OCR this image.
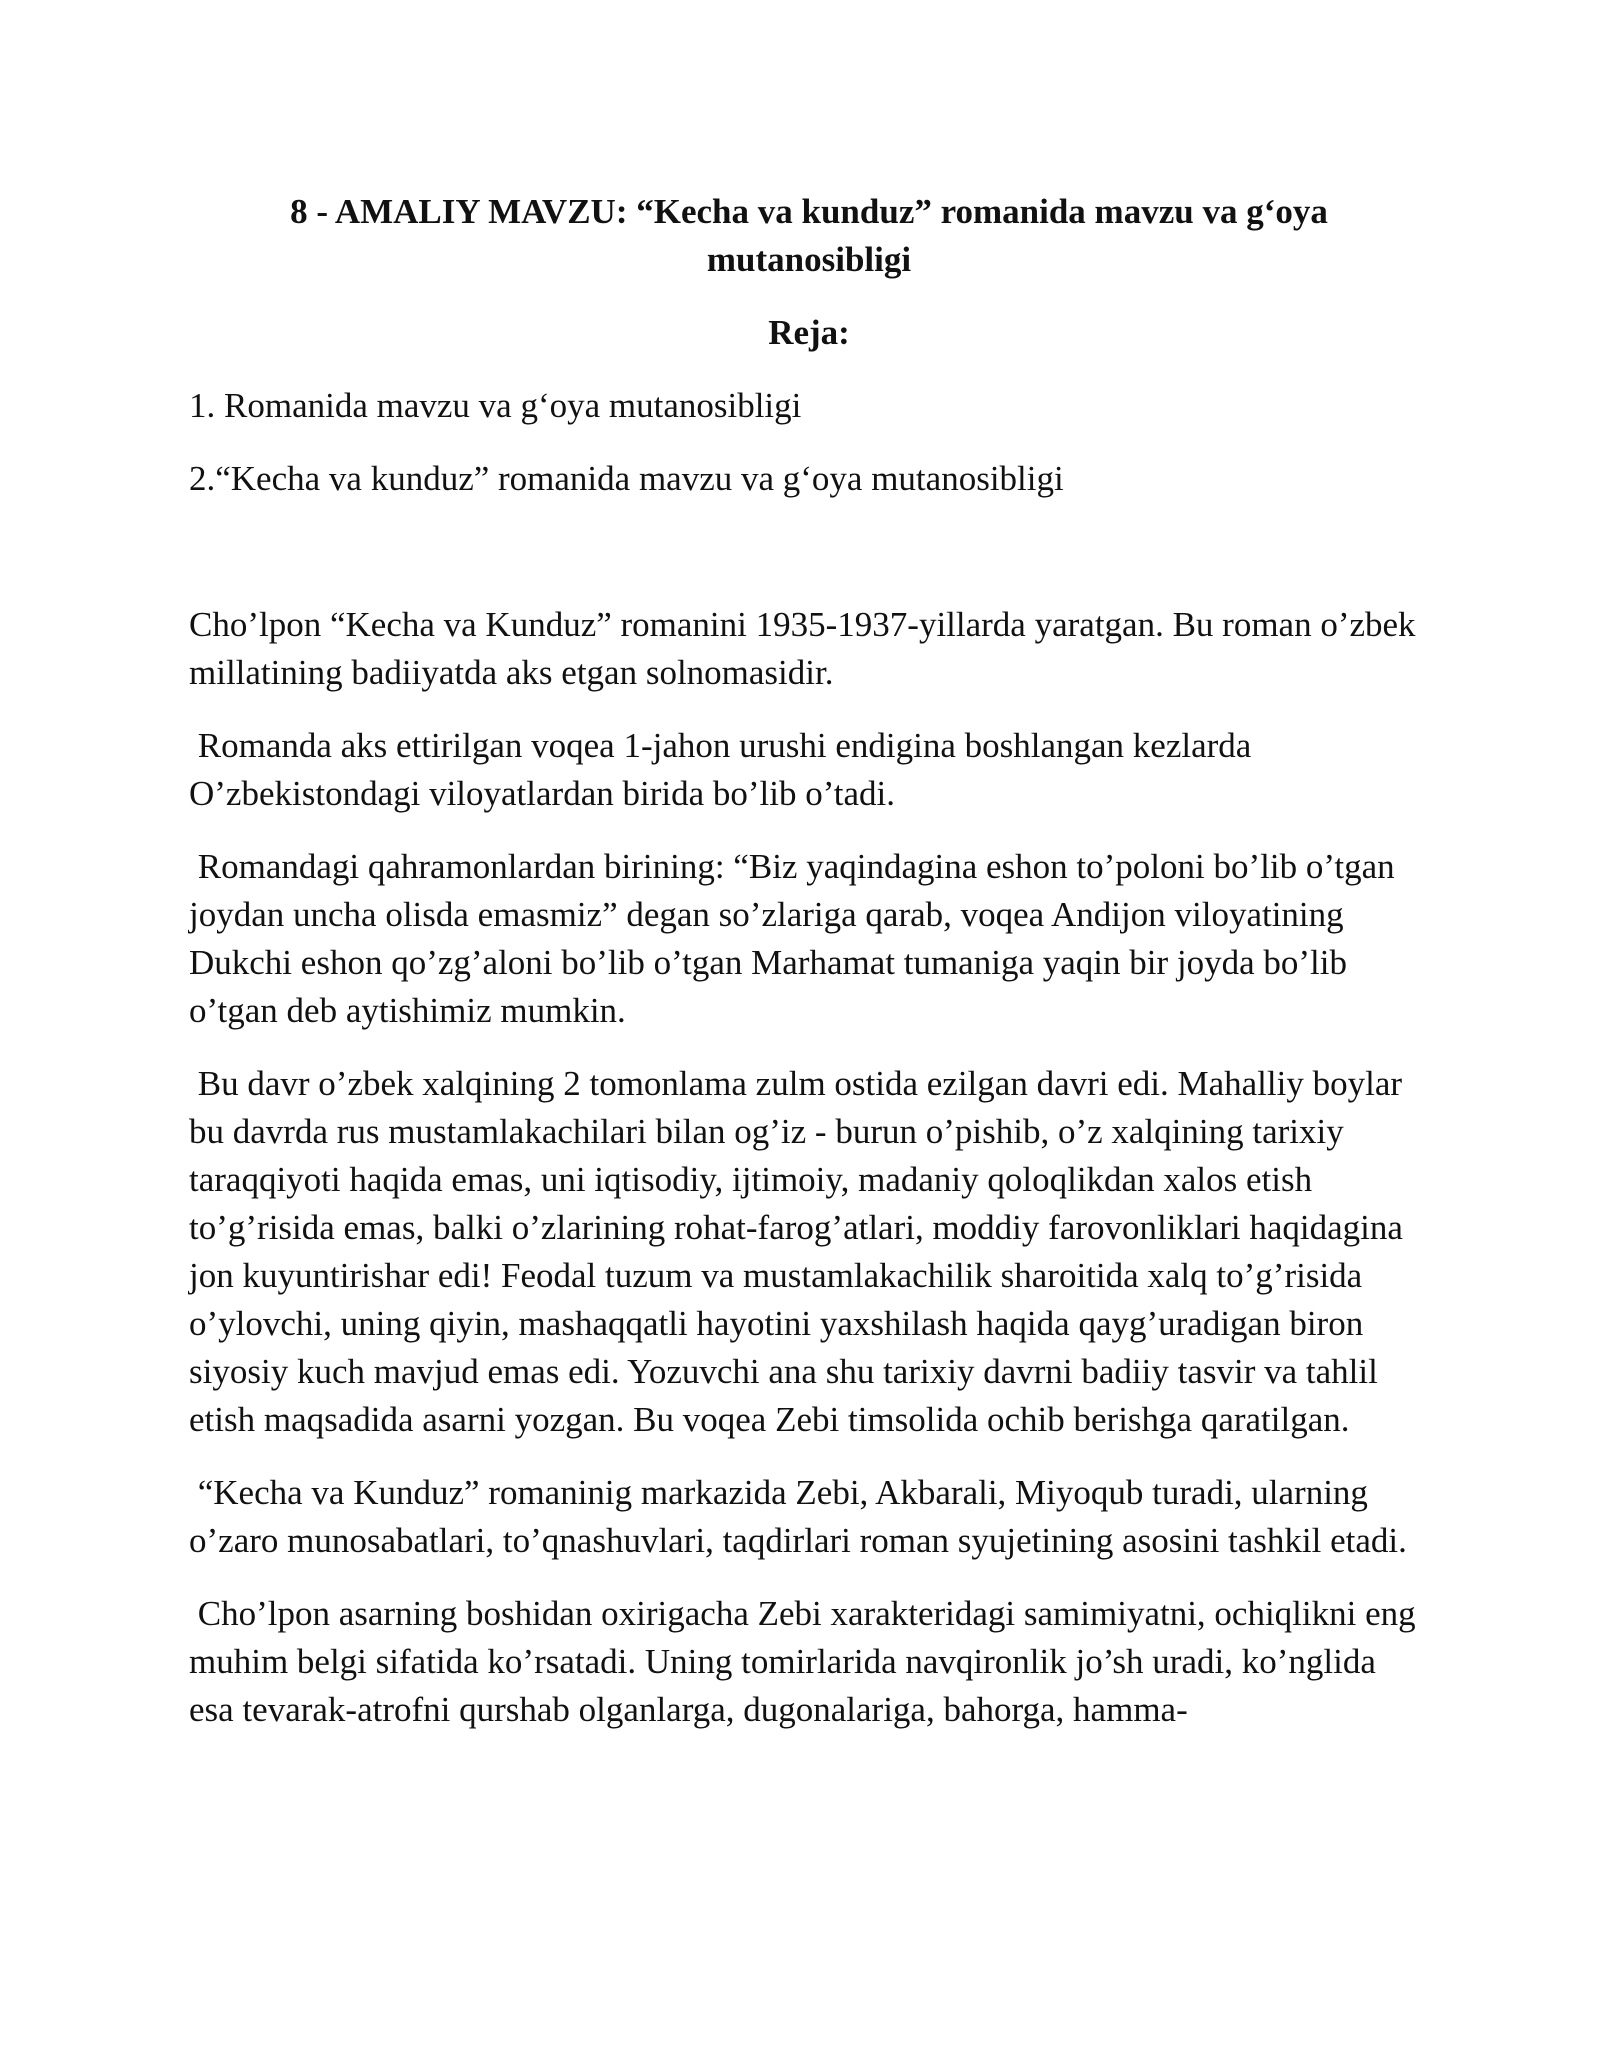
8 - AMALIY MAVZU: “Kecha va kunduz” romanida mavzu va g‘oya mutanosibligi
Reja:
1. Romanida mavzu va g‘oya mutanosibligi
2.“Kecha va kunduz” romanida mavzu va g‘oya mutanosibligi

Cho’lpon “Kecha va Kunduz” romanini 1935-1937-yillarda yaratgan. Bu roman o’zbek millatining badiiyatda aks etgan solnomasidir.

Romanda aks ettirilgan voqea 1-jahon urushi endigina boshlangan kezlarda O’zbekistondagi viloyatlardan birida bo’lib o’tadi.

Romandagi qahramonlardan birining: “Biz yaqindagina eshon to’poloni bo’lib o’tgan joydan uncha olisda emasmiz” degan so’zlariga qarab, voqea Andijon viloyatining Dukchi eshon qo’zg’aloni bo’lib o’tgan Marhamat tumaniga yaqin bir joyda bo’lib o’tgan deb aytishimiz mumkin.

Bu davr o’zbek xalqining 2 tomonlama zulm ostida ezilgan davri edi. Mahalliy boylar bu davrda rus mustamlakachilari bilan og’iz - burun o’pishib, o’z xalqining tarixiy taraqqiyoti haqida emas, uni iqtisodiy, ijtimoiy, madaniy qoloqlikdan xalos etish to’g’risida emas, balki o’zlarining rohat-farog’atlari, moddiy farovonliklari haqidagina jon kuyuntirishar edi! Feodal tuzum va mustamlakachilik sharoitida xalq to’g’risida o’ylovchi, uning qiyin, mashaqqatli hayotini yaxshilash haqida qayg’uradigan biron siyosiy kuch mavjud emas edi. Yozuvchi ana shu tarixiy davrni badiiy tasvir va tahlil etish maqsadida asarni yozgan. Bu voqea Zebi timsolida ochib berishga qaratilgan.

“Kecha va Kunduz” romaninig markazida Zebi, Akbarali, Miyoqub turadi, ularning o’zaro munosabatlari, to’qnashuvlari, taqdirlari roman syujetining asosini tashkil etadi.

Cho’lpon asarning boshidan oxirigacha Zebi xarakteridagi samimiyatni, ochiqlikni eng muhim belgi sifatida ko’rsatadi. Uning tomirlarida navqironlik jo’sh uradi, ko’nglida esa tevarak-atrofni qurshab olganlarga, dugonalariga, bahorga, hamma-
